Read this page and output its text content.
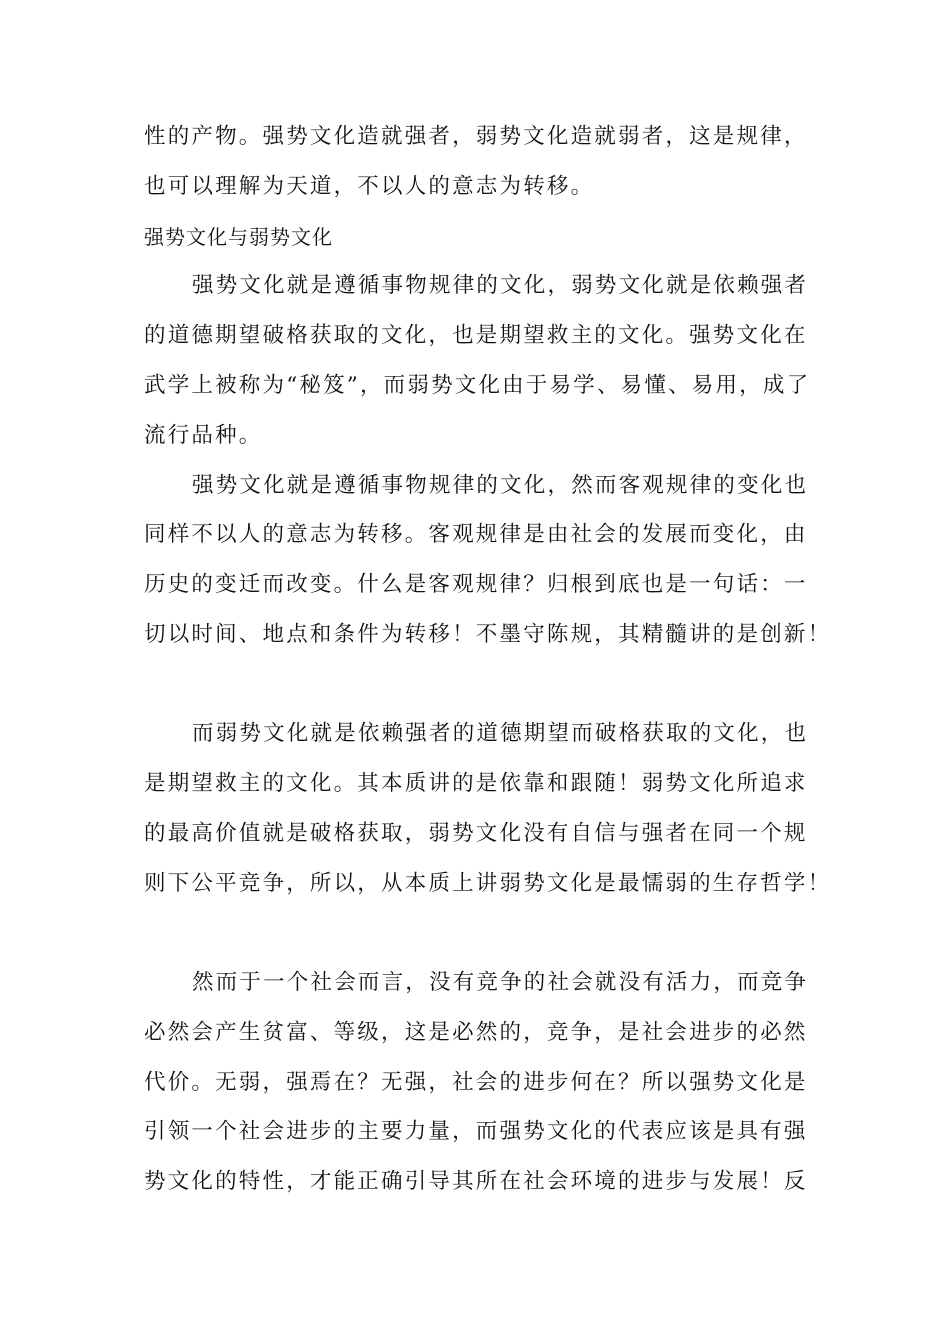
性的产物。强势文化造就强者，弱势文化造就弱者，这是规律，
也可以理解为天道，不以人的意志为转移。
强势文化与弱势文化
强势文化就是遵循事物规律的文化，弱势文化就是依赖强者
的道德期望破格获取的文化，也是期望救主的文化。强势文化在
武学上被称为“秘笈”，而弱势文化由于易学、易懂、易用，成了
流行品种。
强势文化就是遵循事物规律的文化，然而客观规律的变化也
同样不以人的意志为转移。客观规律是由社会的发展而变化，由
历史的变迁而改变。什么是客观规律？归根到底也是一句话：一
切以时间、地点和条件为转移！不墨守陈规，其精髓讲的是创新！
而弱势文化就是依赖强者的道德期望而破格获取的文化，也
是期望救主的文化。其本质讲的是依靠和跟随！弱势文化所追求
的最高价值就是破格获取，弱势文化没有自信与强者在同一个规
则下公平竞争，所以，从本质上讲弱势文化是最懦弱的生存哲学！
然而于一个社会而言，没有竞争的社会就没有活力，而竞争
必然会产生贫富、等级，这是必然的，竞争，是社会进步的必然
代价。无弱，强焉在？无强，社会的进步何在？所以强势文化是
引领一个社会进步的主要力量，而强势文化的代表应该是具有强
势文化的特性，才能正确引导其所在社会环境的进步与发展！反
